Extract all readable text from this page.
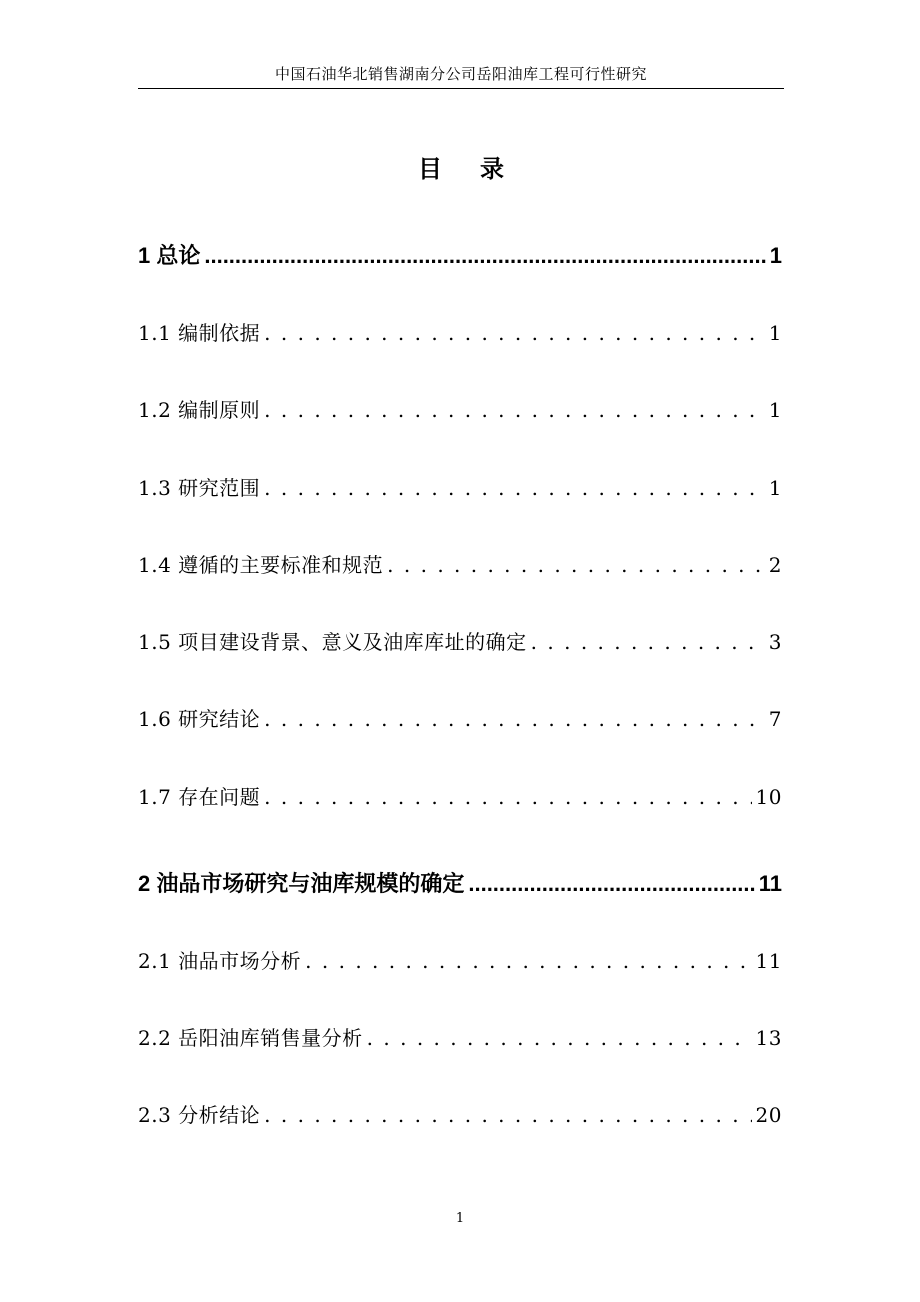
中国石油华北销售湖南分公司岳阳油库工程可行性研究
目 录
1 总论 .....	1
1.1 编制依据 . . .	1
1.2 编制原则 . . .	1
1.3 研究范围 . . .	1
1.4 遵循的主要标准和规范 . . .	2
1.5 项目建设背景、意义及油库库址的确定 . . .	3
1.6 研究结论 . . .	7
1.7 存在问题 . . .	10
2 油品市场研究与油库规模的确定 .....	11
2.1 油品市场分析 . . .	11
2.2 岳阳油库销售量分析 . . .	13
2.3 分析结论 . . .	20
1
